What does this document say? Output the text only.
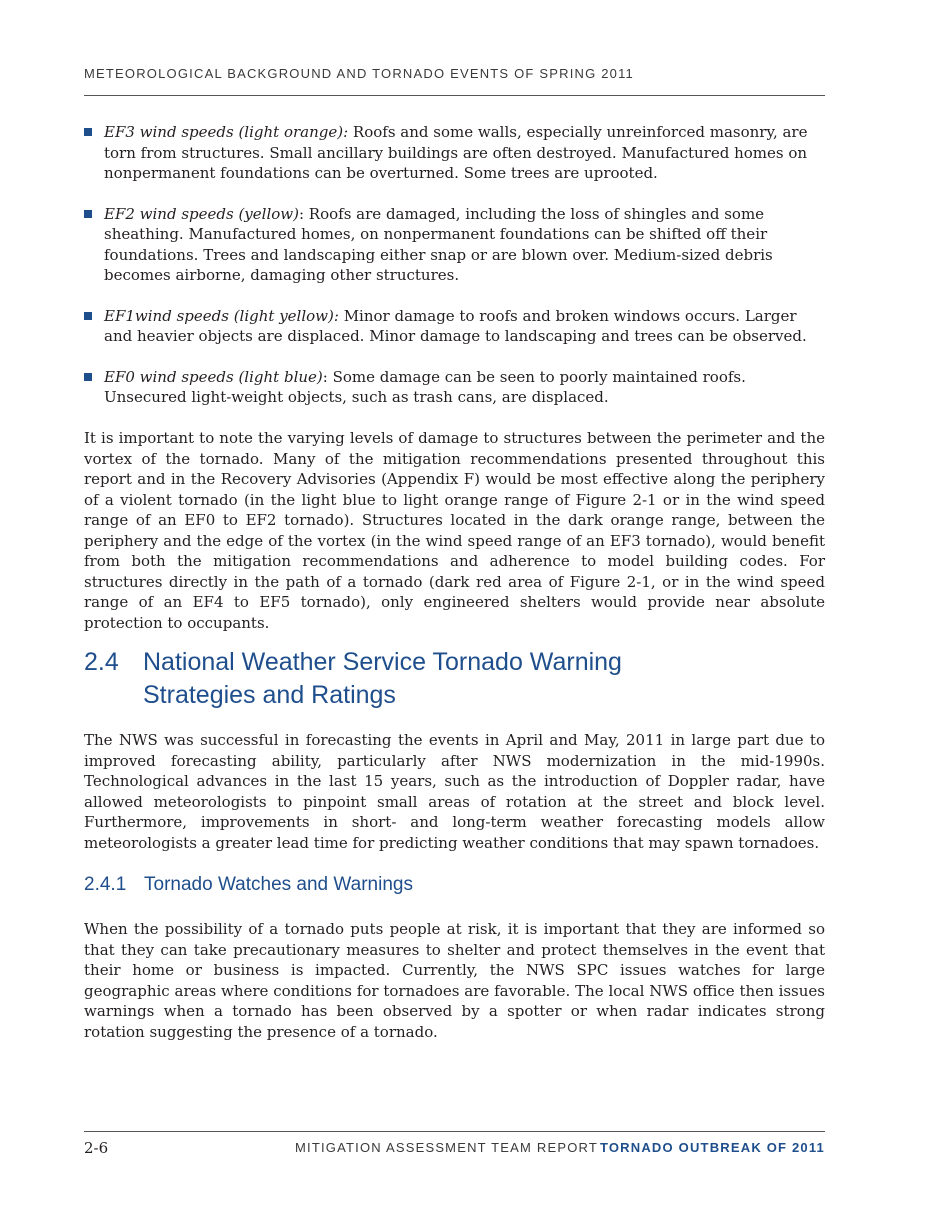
METEOROLOGICAL BACKGROUND AND TORNADO EVENTS OF SPRING 2011
EF3 wind speeds (light orange): Roofs and some walls, especially unreinforced masonry, are torn from structures. Small ancillary buildings are often destroyed. Manufactured homes on nonpermanent foundations can be overturned. Some trees are uprooted.
EF2 wind speeds (yellow): Roofs are damaged, including the loss of shingles and some sheathing. Manufactured homes, on nonpermanent foundations can be shifted off their foundations. Trees and landscaping either snap or are blown over. Medium-sized debris becomes airborne, damaging other structures.
EF1wind speeds (light yellow): Minor damage to roofs and broken windows occurs. Larger and heavier objects are displaced. Minor damage to landscaping and trees can be observed.
EF0 wind speeds (light blue): Some damage can be seen to poorly maintained roofs. Unsecured light-weight objects, such as trash cans, are displaced.

It is important to note the varying levels of damage to structures between the perimeter and the vortex of the tornado. Many of the mitigation recommendations presented throughout this report and in the Recovery Advisories (Appendix F) would be most effective along the periphery of a violent tornado (in the light blue to light orange range of Figure 2-1 or in the wind speed range of an EF0 to EF2 tornado). Structures located in the dark orange range, between the periphery and the edge of the vortex (in the wind speed range of an EF3 tornado), would benefit from both the mitigation recommendations and adherence to model building codes. For structures directly in the path of a tornado (dark red area of Figure 2-1, or in the wind speed range of an EF4 to EF5 tornado), only engineered shelters would provide near absolute protection to occupants.

2.4 National Weather Service Tornado Warning Strategies and Ratings

The NWS was successful in forecasting the events in April and May, 2011 in large part due to improved forecasting ability, particularly after NWS modernization in the mid-1990s. Technological advances in the last 15 years, such as the introduction of Doppler radar, have allowed meteorologists to pinpoint small areas of rotation at the street and block level. Furthermore, improvements in short- and long-term weather forecasting models allow meteorologists a greater lead time for predicting weather conditions that may spawn tornadoes.

2.4.1 Tornado Watches and Warnings

When the possibility of a tornado puts people at risk, it is important that they are informed so that they can take precautionary measures to shelter and protect themselves in the event that their home or business is impacted. Currently, the NWS SPC issues watches for large geographic areas where conditions for tornadoes are favorable. The local NWS office then issues warnings when a tornado has been observed by a spotter or when radar indicates strong rotation suggesting the presence of a tornado.

2-6	MITIGATION ASSESSMENT TEAM REPORT TORNADO OUTBREAK OF 2011
